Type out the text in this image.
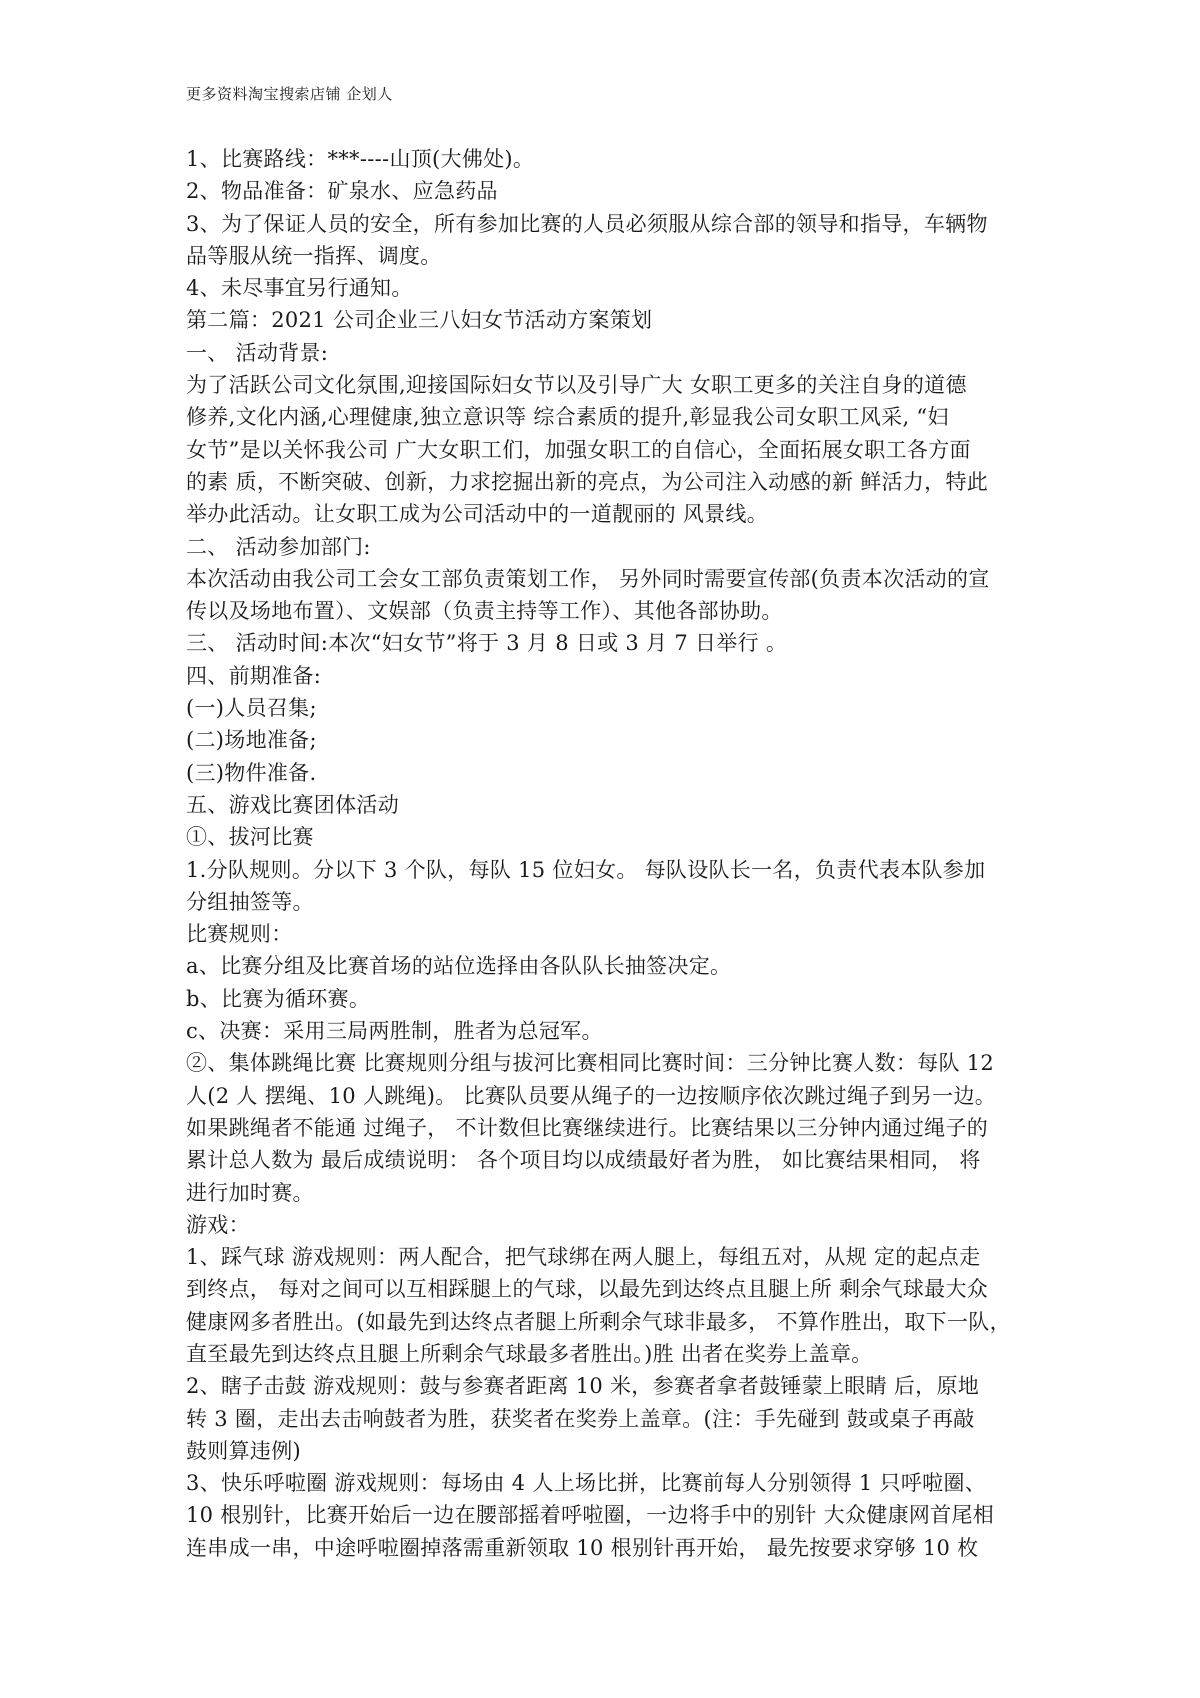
更多资料淘宝搜索店铺 企划人
1、比赛路线：***----山顶(大佛处)。
2、物品准备：矿泉水、应急药品
3、为了保证人员的安全，所有参加比赛的人员必须服从综合部的领导和指导，车辆物
品等服从统一指挥、调度。
4、未尽事宜另行通知。
第二篇：2021 公司企业三八妇女节活动方案策划
一、 活动背景:
为了活跃公司文化氛围,迎接国际妇女节以及引导广大 女职工更多的关注自身的道德
修养,文化内涵,心理健康,独立意识等 综合素质的提升,彰显我公司女职工风采, “妇
女节”是以关怀我公司 广大女职工们，加强女职工的自信心，全面拓展女职工各方面
的素 质，不断突破、创新，力求挖掘出新的亮点，为公司注入动感的新 鲜活力，特此
举办此活动。让女职工成为公司活动中的一道靓丽的 风景线。
二、 活动参加部门:
本次活动由我公司工会女工部负责策划工作， 另外同时需要宣传部(负责本次活动的宣
传以及场地布置）、文娱部（负责主持等工作）、其他各部协助。
三、 活动时间:本次“妇女节”将于 3 月 8 日或 3 月 7 日举行 。
四、前期准备:
(一)人员召集;
(二)场地准备;
(三)物件准备.
五、游戏比赛团体活动
①、拔河比赛
1.分队规则。分以下 3 个队，每队 15 位妇女。 每队设队长一名，负责代表本队参加
分组抽签等。
比赛规则：
a、比赛分组及比赛首场的站位选择由各队队长抽签决定。
b、比赛为循环赛。
c、决赛：采用三局两胜制，胜者为总冠军。
②、集体跳绳比赛 比赛规则分组与拔河比赛相同比赛时间：三分钟比赛人数：每队 12
人(2 人 摆绳、10 人跳绳)。 比赛队员要从绳子的一边按顺序依次跳过绳子到另一边。
如果跳绳者不能通 过绳子， 不计数但比赛继续进行。比赛结果以三分钟内通过绳子的
累计总人数为 最后成绩说明： 各个项目均以成绩最好者为胜， 如比赛结果相同， 将
进行加时赛。
游戏：
1、踩气球 游戏规则：两人配合，把气球绑在两人腿上，每组五对，从规 定的起点走
到终点， 每对之间可以互相踩腿上的气球，以最先到达终点且腿上所 剩余气球最大众
健康网多者胜出。(如最先到达终点者腿上所剩余气球非最多， 不算作胜出，取下一队，
直至最先到达终点且腿上所剩余气球最多者胜出。)胜 出者在奖券上盖章。
2、瞎子击鼓 游戏规则：鼓与参赛者距离 10 米，参赛者拿者鼓锤蒙上眼睛 后，原地
转 3 圈，走出去击响鼓者为胜，获奖者在奖券上盖章。(注：手先碰到 鼓或桌子再敲
鼓则算违例)
3、快乐呼啦圈 游戏规则：每场由 4 人上场比拼，比赛前每人分别领得 1 只呼啦圈、
10 根别针，比赛开始后一边在腰部摇着呼啦圈，一边将手中的别针 大众健康网首尾相
连串成一串，中途呼啦圈掉落需重新领取 10 根别针再开始， 最先按要求穿够 10 枚
